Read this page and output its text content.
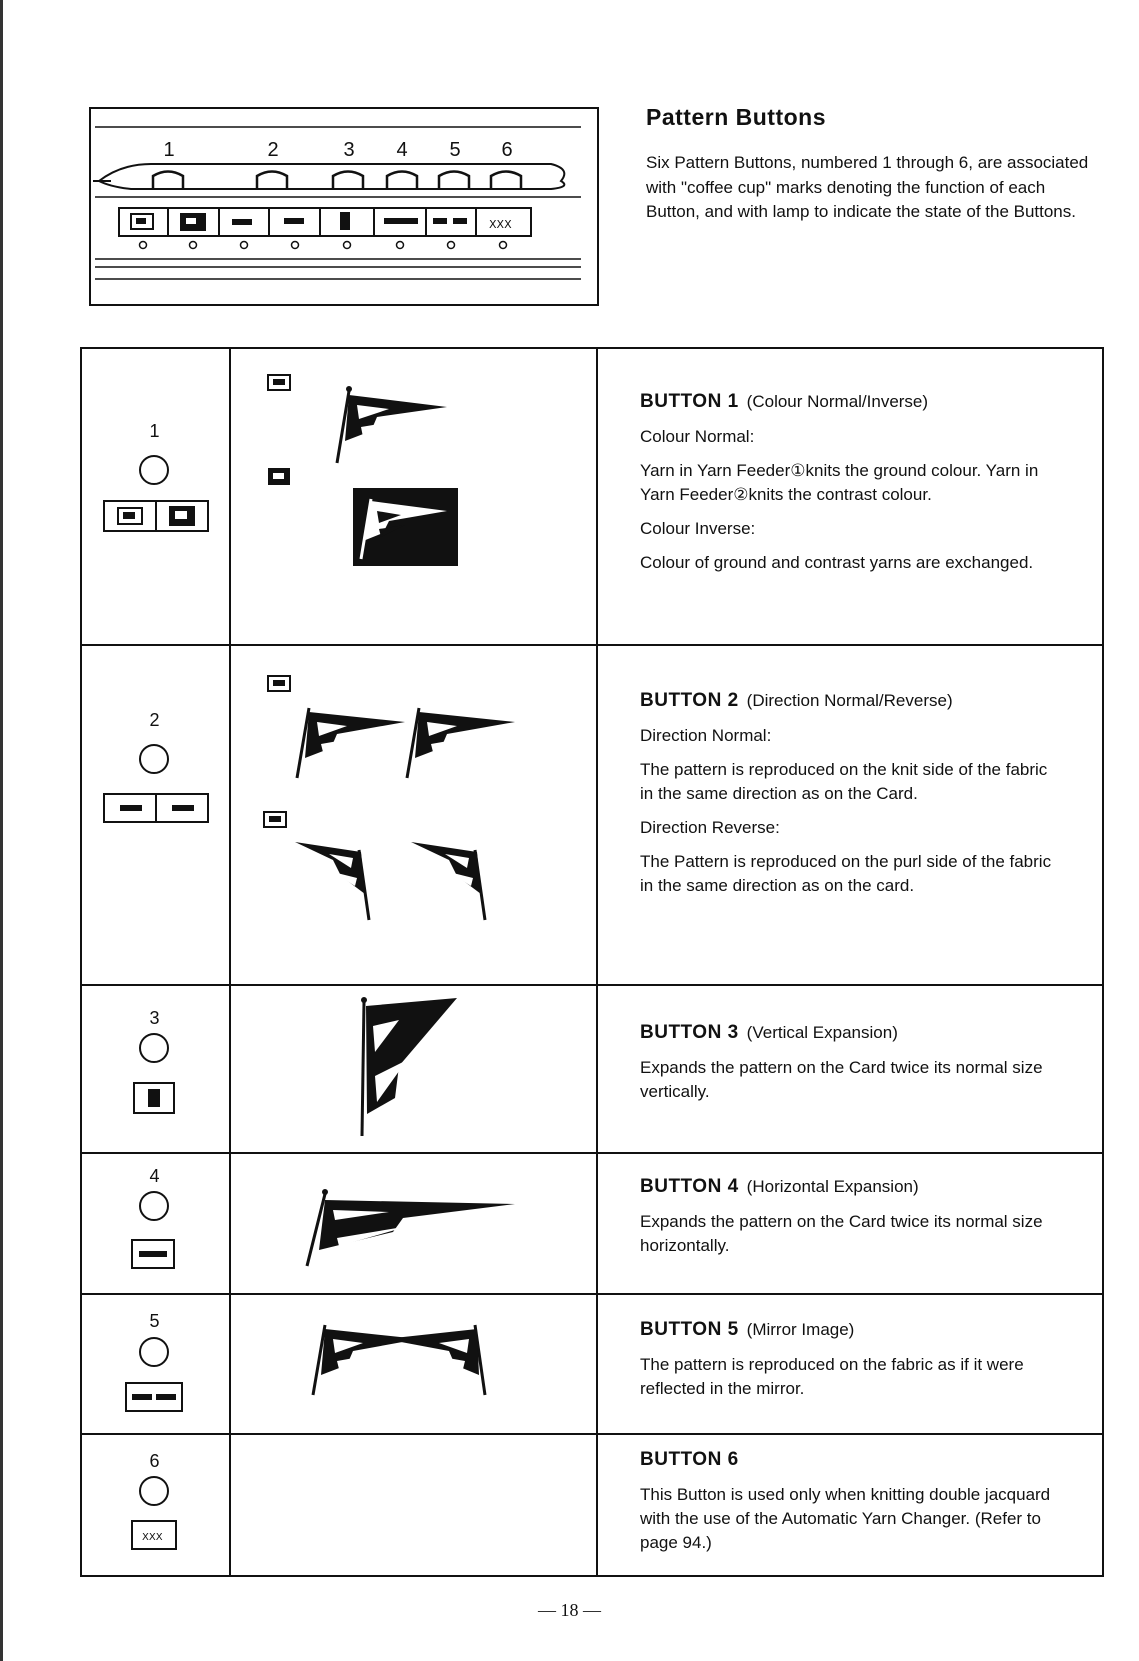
XXX
1	2	3	4	5	6
Pattern Buttons
Six Pattern Buttons, numbered 1 through 6, are associated with "coffee cup" marks denoting the function of each Button, and with lamp to indicate the state of the Buttons.
1
BUTTON 1 (Colour Normal/Inverse)
Colour Normal:
Yarn in Yarn Feeder①knits the ground colour. Yarn in Yarn Feeder②knits the contrast colour.
Colour Inverse:
Colour of ground and contrast yarns are exchanged.
2
BUTTON 2 (Direction Normal/Reverse)
Direction Normal:
The pattern is reproduced on the knit side of the fabric in the same direction as on the Card.
Direction Reverse:
The Pattern is reproduced on the purl side of the fabric in the same direction as on the card.
3
BUTTON 3 (Vertical Expansion)
Expands the pattern on the Card twice its normal size vertically.
4	BUTTON 4 (Horizontal Expansion)
Expands the pattern on the Card twice its normal size horizontally.
5	BUTTON 5 (Mirror Image)
The pattern is reproduced on the fabric as if it were reflected in the mirror.
6
XXX
BUTTON 6
This Button is used only when knitting double jacquard with the use of the Automatic Yarn Changer. (Refer to page 94.)
— 18 —
